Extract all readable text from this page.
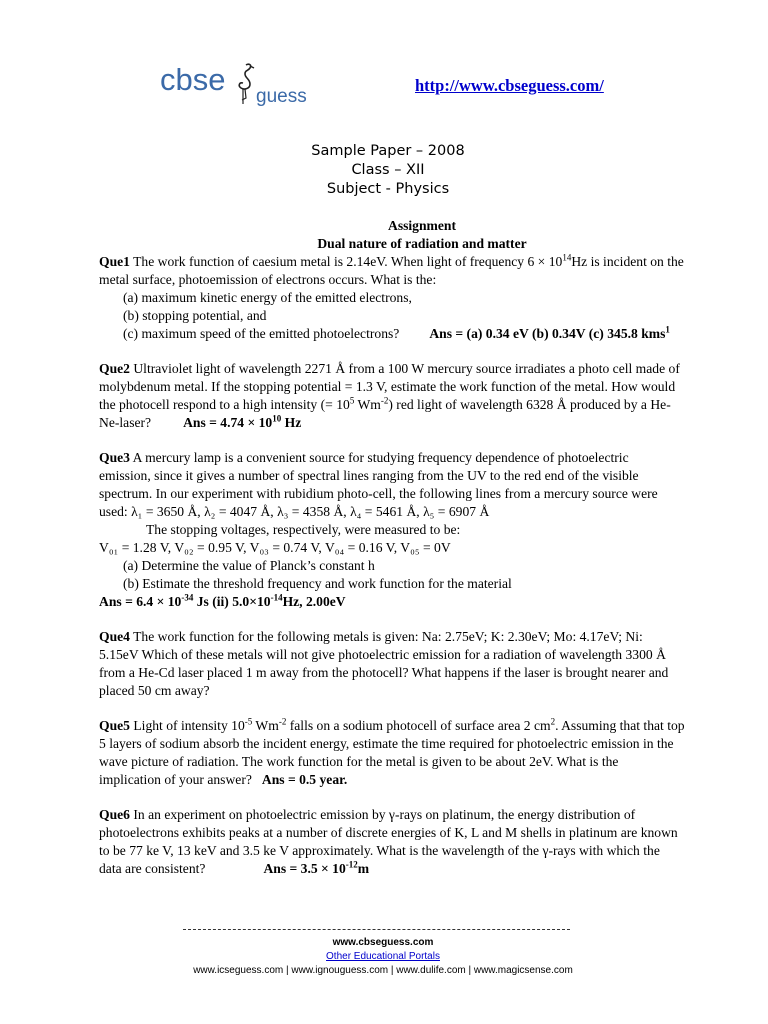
cbse guess
http://www.cbseguess.com/
Sample Paper – 2008
Class – XII
Subject - Physics
Assignment
Dual nature of radiation and matter
Que1 The work function of caesium metal is 2.14eV. When light of frequency $6 \times 10^{14}Hz$ is incident on the
metal surface, photoemission of electrons occurs. What is the:
(a) maximum kinetic energy of the emitted electrons,
(b) stopping potential, and
(c) maximum speed of the emitted photoelectrons? Ans = (a) 0.34 eV (b) 0.34V (c) 345.8 kms$^1$
Que2 Ultraviolet light of wavelength 2271 Å from a 100 W mercury source irradiates a photo cell made of
molybdenum metal. If the stopping potential = 1.3 V, estimate the work function of the metal. How would
the photocell respond to a high intensity (= $10^5$ $Wm^{-2}$) red light of wavelength 6328 Å produced by a He-
Ne-laser? Ans = $4.74 \times 10^{10}$ Hz
Que3 A mercury lamp is a convenient source for studying frequency dependence of photoelectric
emission, since it gives a number of spectral lines ranging from the UV to the red end of the visible
spectrum. In our experiment with rubidium photo-cell, the following lines from a mercury source were
used: λ₁ = 3650 Å, λ₂ = 4047 Å, λ₃ = 4358 Å, λ₄ = 5461 Å, λ₅ = 6907 Å
The stopping voltages, respectively, were measured to be:
V₀₁ = 1.28 V, V₀₂ = 0.95 V, V₀₃ = 0.74 V, V₀₄ = 0.16 V, V₀₅ = 0V
(a) Determine the value of Planck’s constant h
(b) Estimate the threshold frequency and work function for the material
Ans = $6.4 \times 10^{-34}$ Js (ii) $5.0\times 10^{-14}Hz$, 2.00eV
Que4 The work function for the following metals is given: Na: 2.75eV; K: 2.30eV; Mo: 4.17eV; Ni:
5.15eV Which of these metals will not give photoelectric emission for a radiation of wavelength 3300 Å
from a He-Cd laser placed 1 m away from the photocell? What happens if the laser is brought nearer and
placed 50 cm away?
Que5 Light of intensity $10^{-5}$ $Wm^{-2}$ falls on a sodium photocell of surface area 2 $cm^2$. Assuming that that top
5 layers of sodium absorb the incident energy, estimate the time required for photoelectric emission in the
wave picture of radiation. The work function for the metal is given to be about 2eV. What is the
implication of your answer? Ans = 0.5 year.
Que6 In an experiment on photoelectric emission by γ-rays on platinum, the energy distribution of
photoelectrons exhibits peaks at a number of discrete energies of K, L and M shells in platinum are known
to be 77 ke V, 13 keV and 3.5 ke V approximately. What is the wavelength of the γ-rays with which the
data are consistent?	Ans = $3.5 \times 10^{-12}m$
www.cbseguess.com
Other Educational Portals
www.icseguess.com | www.ignouguess.com | www.dulife.com | www.magicsense.com
